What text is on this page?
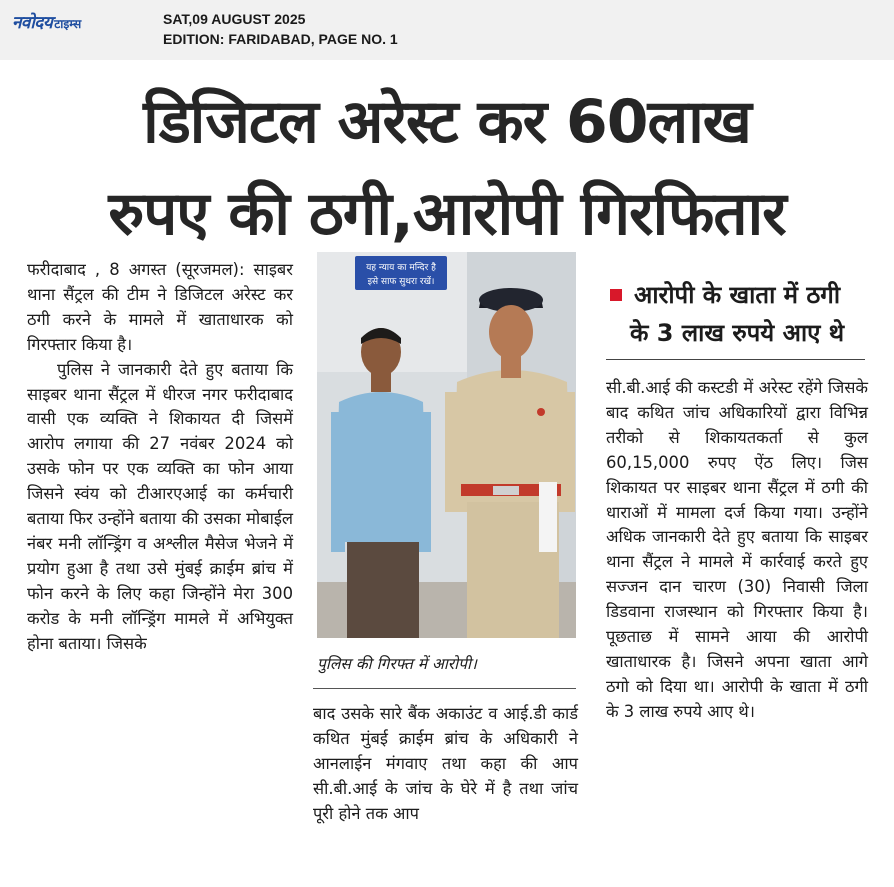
नवोदय टाइम्स	SAT,09 AUGUST 2025
EDITION: FARIDABAD, PAGE NO. 1
डिजिटल अरेस्ट कर 60लाख
रुपए की ठगी,आरोपी गिरफितार

फरीदाबाद , 8 अगस्त (सूरजमल): साइबर थाना सैंट्रल की टीम ने डिजिटल अरेस्ट कर ठगी करने के मामले में खाताधारक को गिरफ्तार किया है।

पुलिस ने जानकारी देते हुए बताया कि साइबर थाना सैंट्रल में धीरज नगर फरीदाबाद वासी एक व्यक्ति ने शिकायत दी जिसमें आरोप लगाया की 27 नवंबर 2024 को उसके फोन पर एक व्यक्ति का फोन आया जिसने स्वंय को टीआरएआई का कर्मचारी बताया फिर उन्होंने बताया की उसका मोबाईल नंबर मनी लॉन्ड्रिंग व अश्लील मैसेज भेजने में प्रयोग हुआ है तथा उसे मुंबई क्राईम ब्रांच में फोन करने के लिए कहा जिन्होंने मेरा 300 करोड के मनी लॉन्ड्रिंग मामले में अभियुक्त होना बताया। जिसके

यह न्याय का मन्दिर है
इसे साफ सुथरा रखें।
पुलिस की गिरफ्त में आरोपी।

बाद उसके सारे बैंक अकाउंट व आई.डी कार्ड कथित मुंबई क्राईम ब्रांच के अधिकारी ने आनलाईन मंगवाए तथा कहा की आप सी.बी.आई के जांच के घेरे में है तथा जांच पूरी होने तक आप

आरोपी के खाता में ठगी
के 3 लाख रुपये आए थे

सी.बी.आई की कस्टडी में अरेस्ट रहेंगे जिसके बाद कथित जांच अधिकारियों द्वारा विभिन्न तरीको से शिकायतकर्ता से कुल 60,15,000 रुपए ऐंठ लिए। जिस शिकायत पर साइबर थाना सैंट्रल में ठगी की धाराओं में मामला दर्ज किया गया। उन्होंने अधिक जानकारी देते हुए बताया कि साइबर थाना सैंट्रल ने मामले में कार्रवाई करते हुए सज्जन दान चारण (30) निवासी जिला डिडवाना राजस्थान को गिरफ्तार किया है। पूछताछ में सामने आया की आरोपी खाताधारक है। जिसने अपना खाता आगे ठगो को दिया था। आरोपी के खाता में ठगी के 3 लाख रुपये आए थे।
